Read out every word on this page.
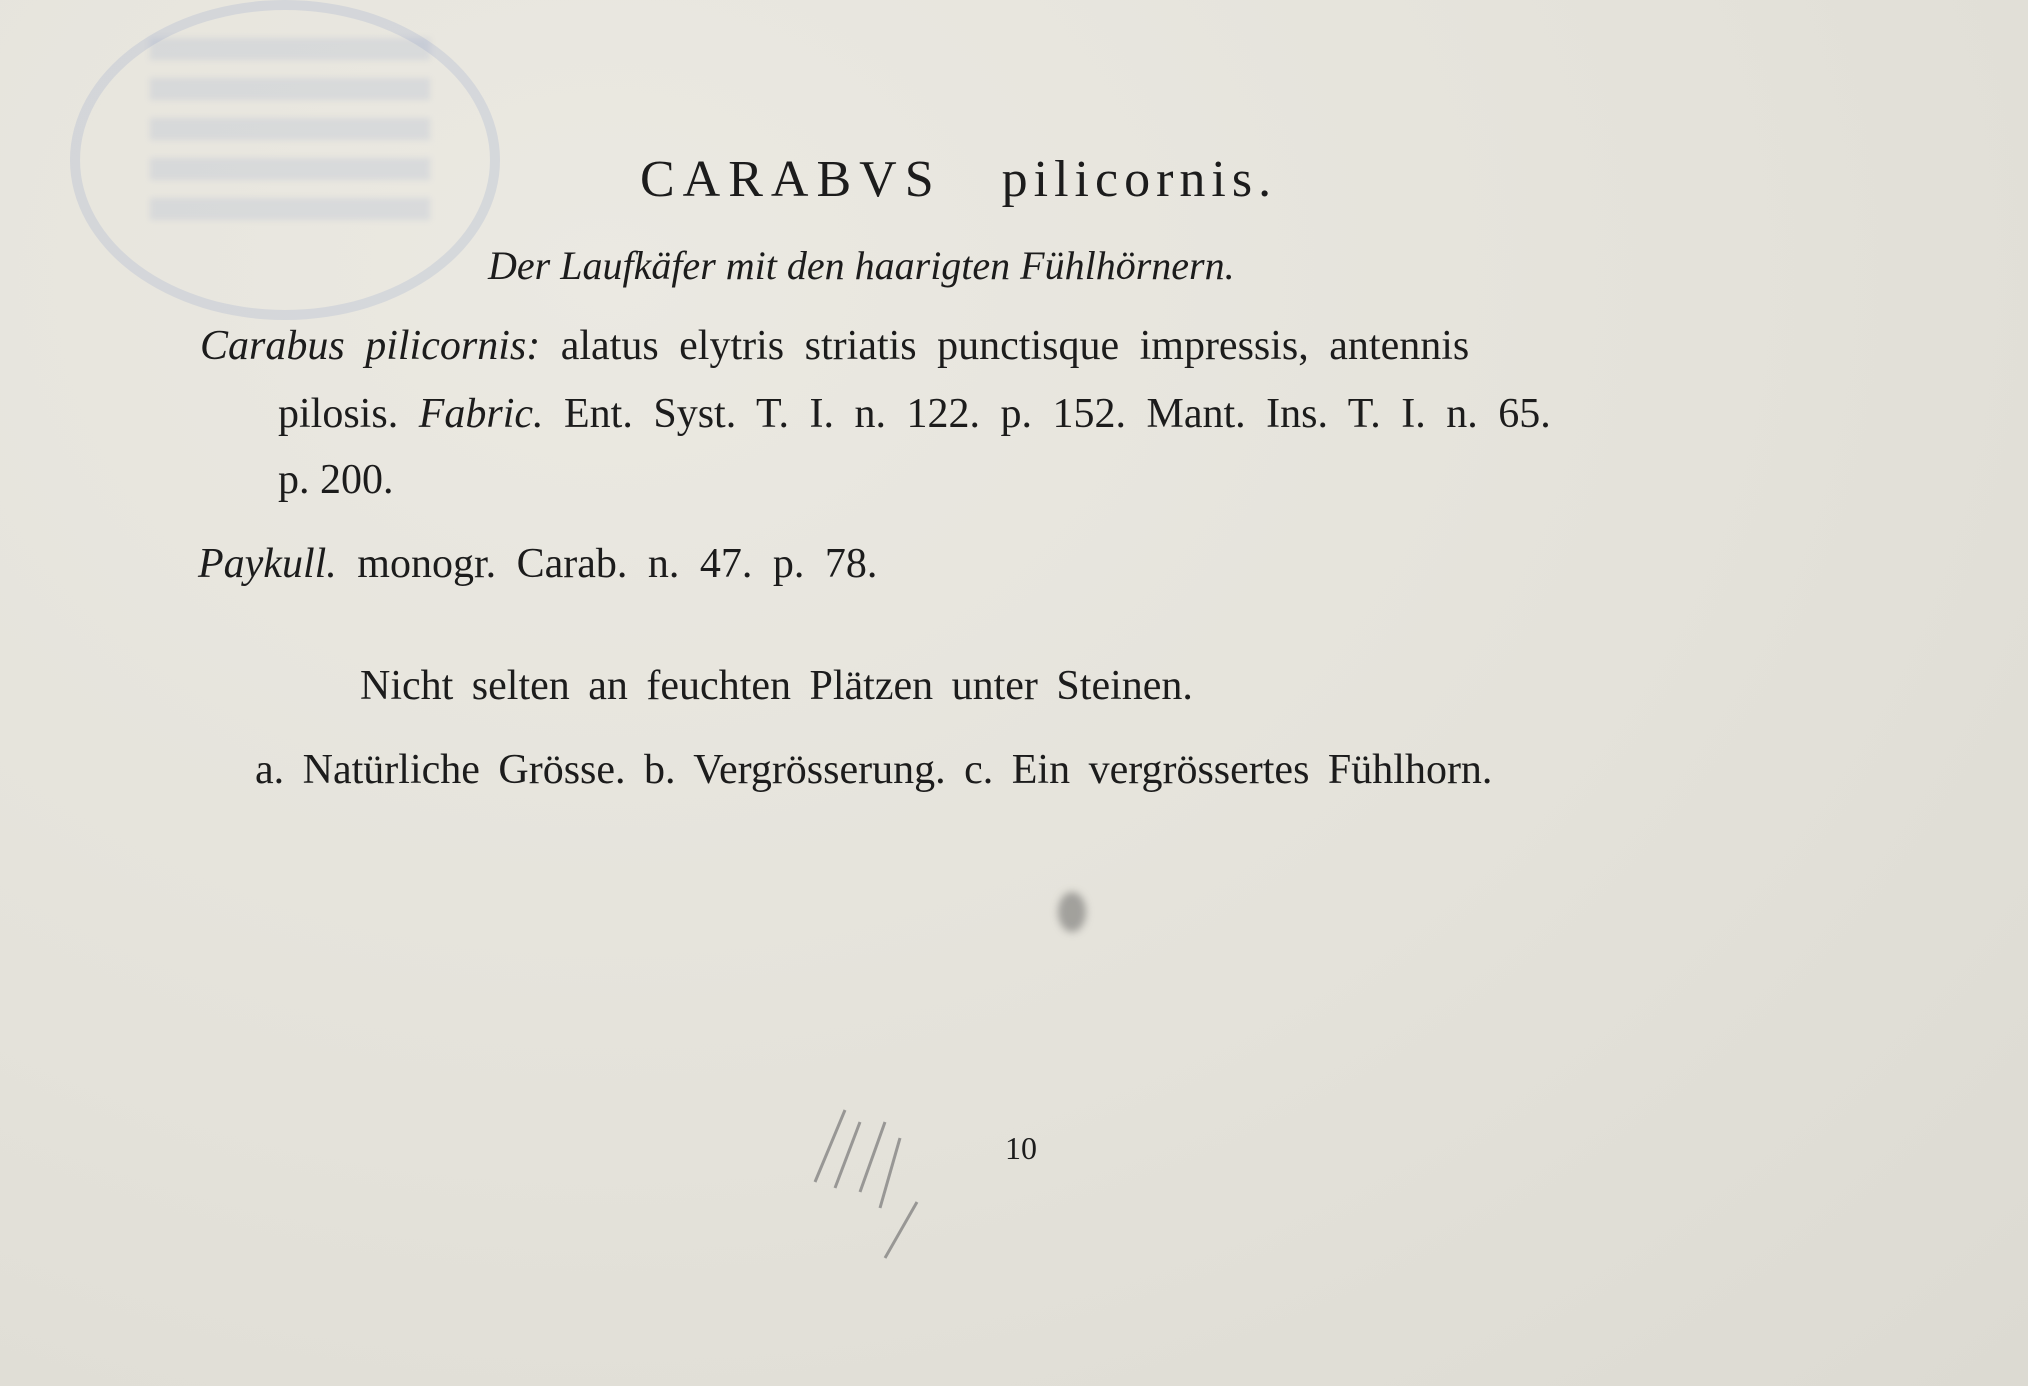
CARABVS pilicornis.
Der Laufkäfer mit den haarigten Fühlhörnern.
Carabus pilicornis: alatus elytris striatis punctisque impressis, antennis
pilosis. Fabric. Ent. Syst. T. I. n. 122. p. 152. Mant. Ins. T. I. n. 65.
p. 200.
Paykull. monogr. Carab. n. 47. p. 78.
Nicht selten an feuchten Plätzen unter Steinen.
a. Natürliche Grösse. b. Vergrösserung. c. Ein vergrössertes Fühlhorn.
10
